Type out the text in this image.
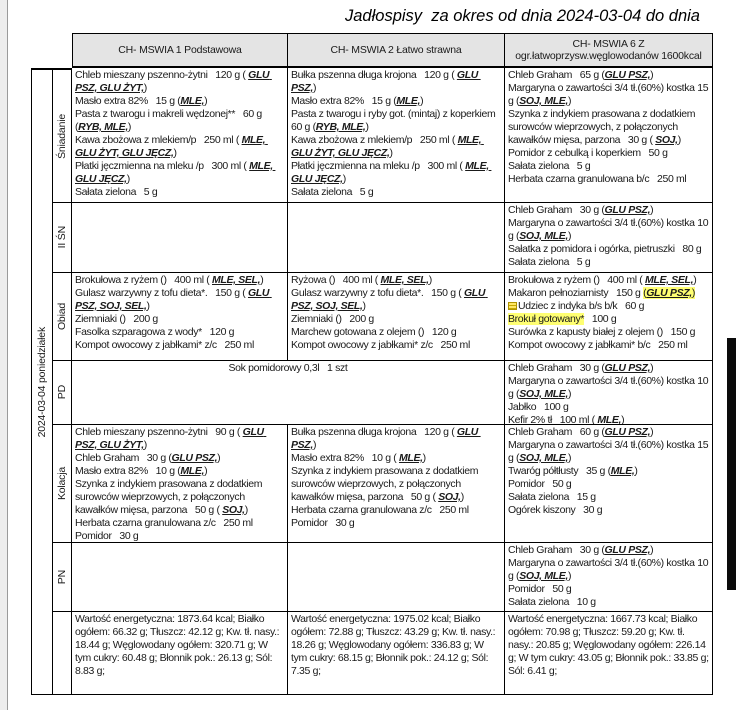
Jadłospisy  za okres od dnia 2024-03-04 do dnia
CH- MSWIA 1 Podstawowa	CH- MSWIA 2 Łatwo strawna
CH- MSWIA 6 Z
ogr.łatwoprzysw.węglowodanów 1600kcal
2024-03-04 poniedziałek
Śniadanie
Chleb mieszany pszenno-żytni   120 g ( GLU PSZ, GLU ŻYT,)
Masło extra 82%   15 g (MLE,)
Pasta z twarogu i makreli wędzonej**   60 g (RYB, MLE,)
Kawa zbożowa z mlekiem/p   250 ml ( MLE, GLU ŻYT, GLU JĘCZ,)
Płatki jęczmienna na mleku /p   300 ml ( MLE, GLU JĘCZ,)
Sałata zielona   5 g
Bułka pszenna długa krojona   120 g ( GLU PSZ,)
Masło extra 82%   15 g (MLE,)
Pasta z twarogu i ryby got. (mintaj) z koperkiem   60 g (RYB, MLE,)
Kawa zbożowa z mlekiem/p   250 ml ( MLE, GLU ŻYT, GLU JĘCZ,)
Płatki jęczmienna na mleku /p   300 ml ( MLE, GLU JĘCZ,)
Sałata zielona   5 g
Chleb Graham   65 g (GLU PSZ,)
Margaryna o zawartości 3/4 tł.(60%) kostka 15 g (SOJ, MLE,)
Szynka z indykiem prasowana z dodatkiem surowców wieprzowych, z połączonych kawałków mięsa, parzona   30 g ( SOJ,)
Pomidor z cebulką i koperkiem   50 g
Sałata zielona   5 g
Herbata czarna granulowana b/c   250 ml
II ŚN
Chleb Graham   30 g (GLU PSZ,)
Margaryna o zawartości 3/4 tł.(60%) kostka 10 g (SOJ, MLE,)
Sałatka z pomidora i ogórka, pietruszki   80 g
Sałata zielona   5 g
Obiad
Brokułowa z ryżem ()   400 ml ( MLE, SEL,)
Gulasz warzywny z tofu dieta*.   150 g ( GLU PSZ, SOJ, SEL,)
Ziemniaki ()   200 g
Fasolka szparagowa z wody*   120 g
Kompot owocowy z jabłkami* z/c   250 ml
Ryżowa ()   400 ml ( MLE, SEL,)
Gulasz warzywny z tofu dieta*.   150 g ( GLU PSZ, SOJ, SEL,)
Ziemniaki ()   200 g
Marchew gotowana z olejem ()   120 g
Kompot owocowy z jabłkami* z/c   250 ml
Brokułowa z ryżem ()   400 ml ( MLE, SEL,)
Makaron pełnoziarnisty   150 g (GLU PSZ,)
Udziec z indyka b/s b/k   60 g
Brokuł gotowany*   100 g
Surówka z kapusty białej z olejem ()   150 g
Kompot owocowy z jabłkami* b/c   250 ml
PD
Sok pomidorowy 0,3l   1 szt	Chleb Graham   30 g (GLU PSZ,)
Margaryna o zawartości 3/4 tł.(60%) kostka 10 g (SOJ, MLE,)
Jabłko   100 g
Kefir 2% tł   100 ml ( MLE,)
Kolacja
Chleb mieszany pszenno-żytni   90 g ( GLU PSZ, GLU ŻYT,)
Chleb Graham   30 g (GLU PSZ,)
Masło extra 82%   10 g (MLE,)
Szynka z indykiem prasowana z dodatkiem surowców wieprzowych, z połączonych kawałków mięsa, parzona   50 g ( SOJ,)
Herbata czarna granulowana z/c   250 ml
Pomidor   30 g
Bułka pszenna długa krojona   120 g ( GLU PSZ,)
Masło extra 82%   10 g ( MLE,)
Szynka z indykiem prasowana z dodatkiem surowców wieprzowych, z połączonych kawałków mięsa, parzona   50 g ( SOJ,)
Herbata czarna granulowana z/c   250 ml
Pomidor   30 g
Chleb Graham   60 g (GLU PSZ,)
Margaryna o zawartości 3/4 tł.(60%) kostka 15 g (SOJ, MLE,)
Twaróg półtłusty   35 g (MLE,)
Pomidor   50 g
Sałata zielona   15 g
Ogórek kiszony   30 g
PN
Chleb Graham   30 g (GLU PSZ,)
Margaryna o zawartości 3/4 tł.(60%) kostka 10 g (SOJ, MLE,)
Pomidor   50 g
Sałata zielona   10 g
Wartość energetyczna: 1873.64 kcal; Białko ogółem: 66.32 g; Tłuszcz: 42.12 g; Kw. tł. nasy.: 18.44 g; Węglowodany ogółem: 320.71 g; W tym cukry: 60.48 g; Błonnik pok.: 26.13 g; Sól: 8.83 g;
Wartość energetyczna: 1975.02 kcal; Białko ogółem: 72.88 g; Tłuszcz: 43.29 g; Kw. tł. nasy.: 18.26 g; Węglowodany ogółem: 336.83 g; W tym cukry: 68.15 g; Błonnik pok.: 24.12 g; Sól: 7.35 g;
Wartość energetyczna: 1667.73 kcal; Białko ogółem: 70.98 g; Tłuszcz: 59.20 g; Kw. tł. nasy.: 20.85 g; Węglowodany ogółem: 226.14 g; W tym cukry: 43.05 g; Błonnik pok.: 33.85 g; Sól: 6.41 g;
